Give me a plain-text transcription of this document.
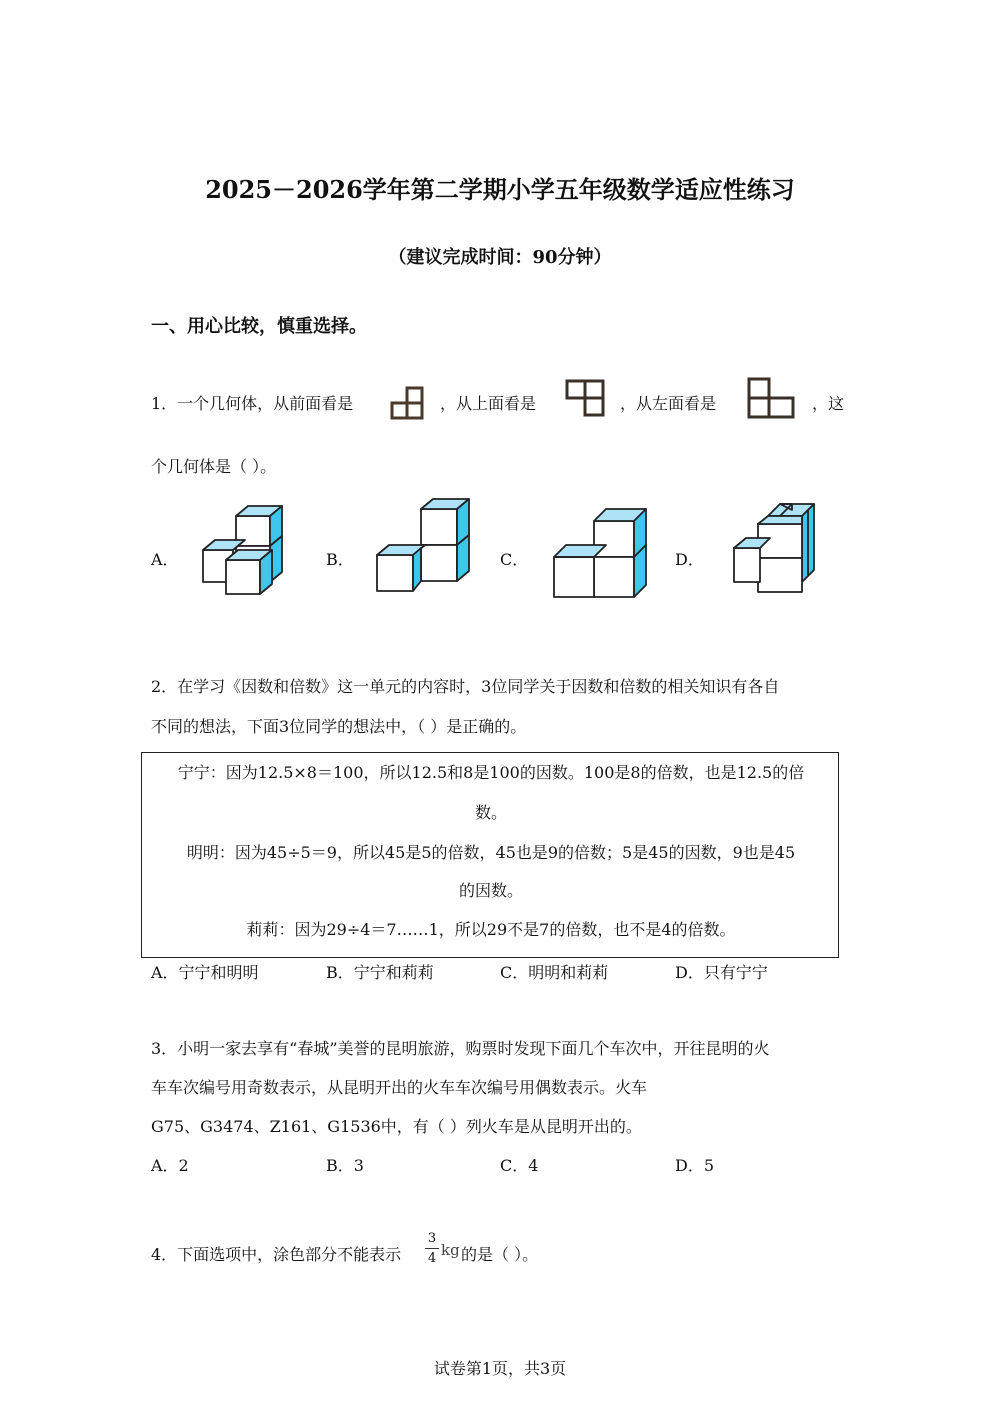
2025－2026学年第二学期小学五年级数学适应性练习
（建议完成时间：90分钟）
一、用心比较，慎重选择。
1．一个几何体，从前面看是	，从上面看是	，从左面看是	，这
个几何体是（ ）。
A．	B．	C．	D．
2．在学习《因数和倍数》这一单元的内容时，3位同学关于因数和倍数的相关知识有各自
不同的想法，下面3位同学的想法中，（ ）是正确的。
宁宁：因为12.5×8＝100，所以12.5和8是100的因数。100是8的倍数，也是12.5的倍
数。
明明：因为45÷5＝9，所以45是5的倍数，45也是9的倍数；5是45的因数，9也是45
的因数。
莉莉：因为29÷4＝7……1，所以29不是7的倍数，也不是4的倍数。
A．宁宁和明明	B．宁宁和莉莉	C．明明和莉莉	D．只有宁宁
3．小明一家去享有“春城”美誉的昆明旅游，购票时发现下面几个车次中，开往昆明的火
车车次编号用奇数表示，从昆明开出的火车车次编号用偶数表示。火车
G75、G3474、Z161、G1536中，有（ ）列火车是从昆明开出的。
A．2	B．3	C．4	D．5
4．下面选项中，涂色部分不能表示
3
4 kg 的是（ ）。
试卷第1页，共3页
